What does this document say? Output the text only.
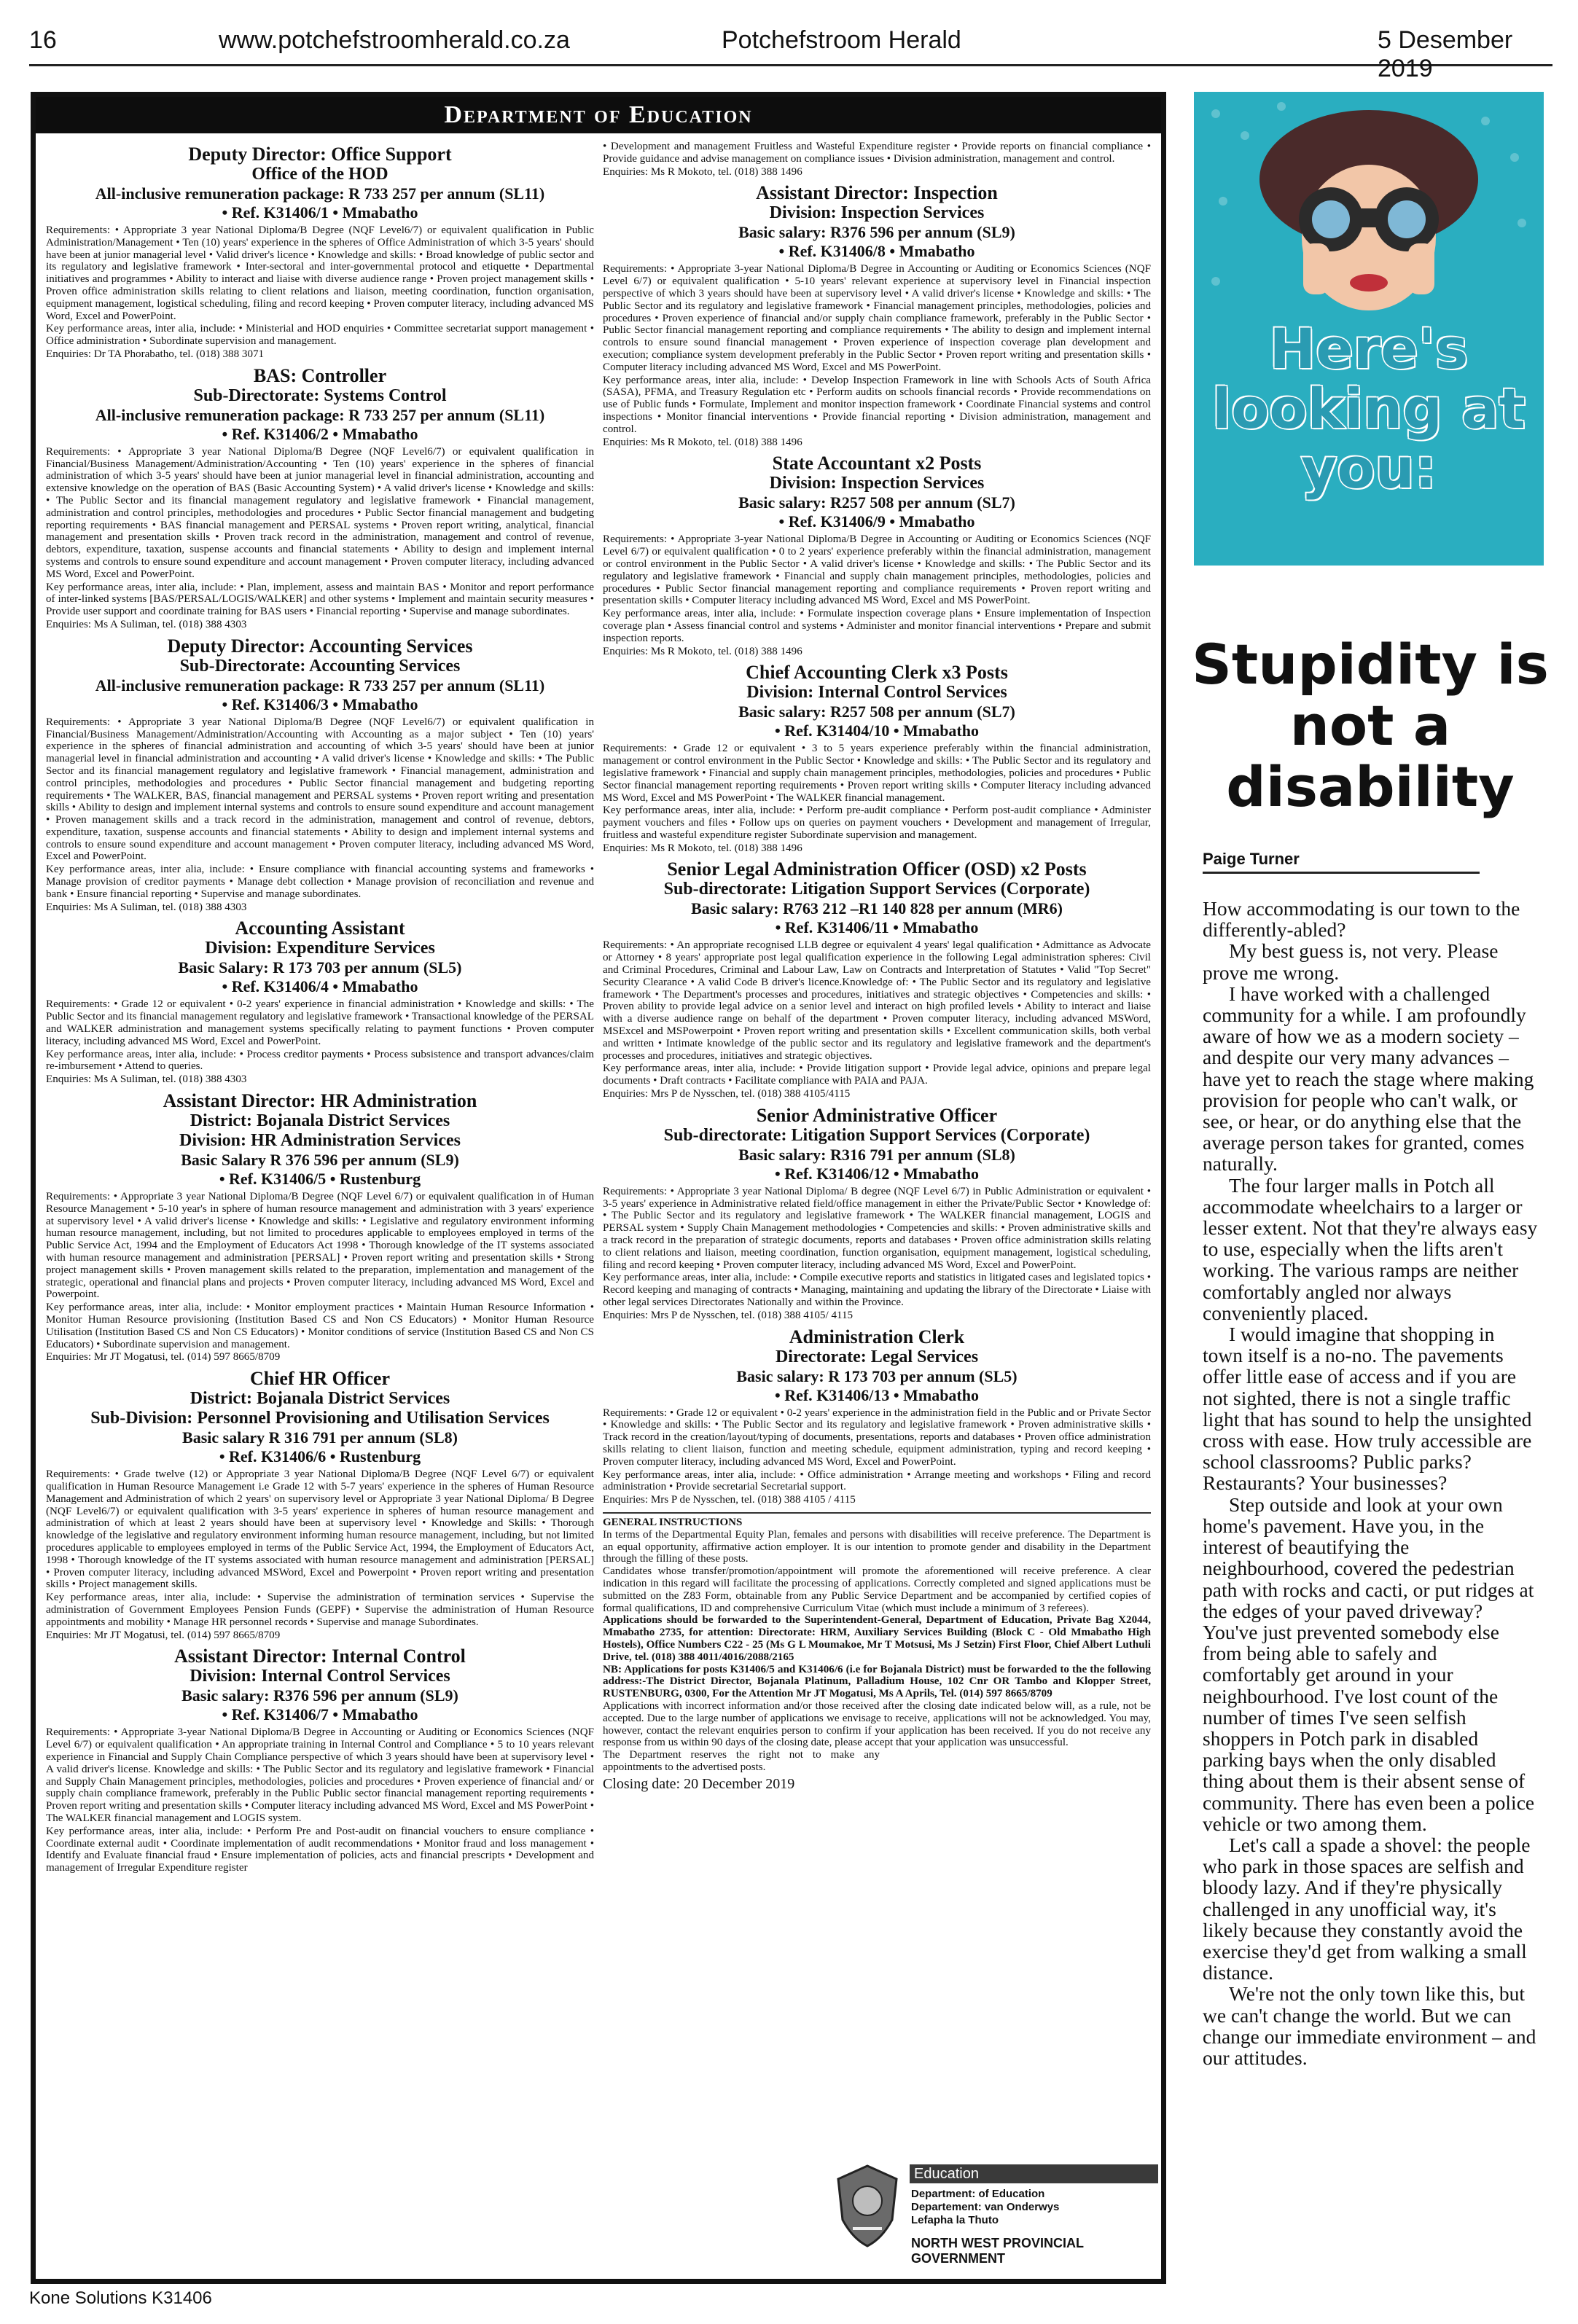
16	www.potchefstroomherald.co.za	Potchefstroom Herald	5 Desember 2019
Department of Education
Deputy Director: Office Support
Office of the HOD
All-inclusive remuneration package: R 733 257 per annum (SL11)
• Ref. K31406/1 • Mmabatho
Requirements: • Appropriate 3 year National Diploma/B Degree (NQF Level6/7) or equivalent qualification in Public Administration/Management • Ten (10) years' experience in the spheres of Office Administration of which 3-5 years' should have been at junior managerial level • Valid driver's licence • Knowledge and skills: • Broad knowledge of public sector and its regulatory and legislative framework • Inter-sectoral and inter-governmental protocol and etiquette • Departmental initiatives and programmes • Ability to interact and liaise with diverse audience range • Proven project management skills • Proven office administration skills relating to client relations and liaison, meeting coordination, function organisation, equipment management, logistical scheduling, filing and record keeping • Proven computer literacy, including advanced MS Word, Excel and PowerPoint.
Key performance areas, inter alia, include: • Ministerial and HOD enquiries • Committee secretariat support management • Office administration • Subordinate supervision and management.
Enquiries: Dr TA Phorabatho, tel. (018) 388 3071
BAS: Controller
Sub-Directorate: Systems Control
All-inclusive remuneration package: R 733 257 per annum (SL11)
• Ref. K31406/2 • Mmabatho
Requirements: • Appropriate 3 year National Diploma/B Degree (NQF Level6/7) or equivalent qualification in Financial/Business Management/Administration/Accounting • Ten (10) years' experience in the spheres of financial administration of which 3-5 years' should have been at junior managerial level in financial administration, accounting and extensive knowledge on the operation of BAS (Basic Accounting System) • A valid driver's license • Knowledge and skills: • The Public Sector and its financial management regulatory and legislative framework • Financial management, administration and control principles, methodologies and procedures • Public Sector financial management and budgeting reporting requirements • BAS financial management and PERSAL systems • Proven report writing, analytical, financial management and presentation skills • Proven track record in the administration, management and control of revenue, debtors, expenditure, taxation, suspense accounts and financial statements • Ability to design and implement internal systems and controls to ensure sound expenditure and account management • Proven computer literacy, including advanced MS Word, Excel and PowerPoint.
Key performance areas, inter alia, include: • Plan, implement, assess and maintain BAS • Monitor and report performance of inter-linked systems [BAS/PERSAL/LOGIS/WALKER] and other systems • Implement and maintain security measures • Provide user support and coordinate training for BAS users • Financial reporting • Supervise and manage subordinates.
Enquiries: Ms A Suliman, tel. (018) 388 4303
Deputy Director: Accounting Services
Sub-Directorate: Accounting Services
All-inclusive remuneration package: R 733 257 per annum (SL11)
• Ref. K31406/3 • Mmabatho
Requirements: • Appropriate 3 year National Diploma/B Degree (NQF Level6/7) or equivalent qualification in Financial/Business Management/Administration/Accounting with Accounting as a major subject • Ten (10) years' experience in the spheres of financial administration and accounting of which 3-5 years' should have been at junior managerial level in financial administration and accounting • A valid driver's license • Knowledge and skills: • The Public Sector and its financial management regulatory and legislative framework • Financial management, administration and control principles, methodologies and procedures • Public Sector financial management and budgeting reporting requirements • The WALKER, BAS, financial management and PERSAL systems • Proven report writing and presentation skills • Ability to design and implement internal systems and controls to ensure sound expenditure and account management • Proven management skills and a track record in the administration, management and control of revenue, debtors, expenditure, taxation, suspense accounts and financial statements • Ability to design and implement internal systems and controls to ensure sound expenditure and account management • Proven computer literacy, including advanced MS Word, Excel and PowerPoint.
Key performance areas, inter alia, include: • Ensure compliance with financial accounting systems and frameworks • Manage provision of creditor payments • Manage debt collection • Manage provision of reconciliation and revenue and bank • Ensure financial reporting • Supervise and manage subordinates.
Enquiries: Ms A Suliman, tel. (018) 388 4303
Accounting Assistant
Division: Expenditure Services
Basic Salary: R 173 703 per annum (SL5)
• Ref. K31406/4 • Mmabatho
Requirements: • Grade 12 or equivalent • 0-2 years' experience in financial administration • Knowledge and skills: • The Public Sector and its financial management regulatory and legislative framework • Transactional knowledge of the PERSAL and WALKER administration and management systems specifically relating to payment functions • Proven computer literacy, including advanced MS Word, Excel and PowerPoint.
Key performance areas, inter alia, include: • Process creditor payments • Process subsistence and transport advances/claim re-imbursement • Attend to queries.
Enquiries: Ms A Suliman, tel. (018) 388 4303
Assistant Director: HR Administration
District: Bojanala District Services
Division: HR Administration Services
Basic Salary R 376 596 per annum (SL9)
• Ref. K31406/5 • Rustenburg
Requirements: • Appropriate 3 year National Diploma/B Degree (NQF Level 6/7) or equivalent qualification in of Human Resource Management • 5-10 year's in sphere of human resource management and administration with 3 years' experience at supervisory level • A valid driver's license • Knowledge and skills: • Legislative and regulatory environment informing human resource management, including, but not limited to procedures applicable to employees employed in terms of the Public Service Act, 1994 and the Employment of Educators Act 1998 • Thorough knowledge of the IT systems associated with human resource management and administration [PERSAL] • Proven report writing and presentation skills • Strong project management skills • Proven management skills related to the preparation, implementation and management of the strategic, operational and financial plans and projects • Proven computer literacy, including advanced MS Word, Excel and Powerpoint.
Key performance areas, inter alia, include: • Monitor employment practices • Maintain Human Resource Information • Monitor Human Resource provisioning (Institution Based CS and Non CS Educators) • Monitor Human Resource Utilisation (Institution Based CS and Non CS Educators) • Monitor conditions of service (Institution Based CS and Non CS Educators) • Subordinate supervision and management.
Enquiries: Mr JT Mogatusi, tel. (014) 597 8665/8709
Chief HR Officer
District: Bojanala District Services
Sub-Division: Personnel Provisioning and Utilisation Services
Basic salary R 316 791 per annum (SL8)
• Ref. K31406/6 • Rustenburg
Requirements: • Grade twelve (12) or Appropriate 3 year National Diploma/B Degree (NQF Level 6/7) or equivalent qualification in Human Resource Management i.e Grade 12 with 5-7 years' experience in the spheres of Human Resource Management and Administration of which 2 years' on supervisory level or Appropriate 3 year National Diploma/ B Degree (NQF Level6/7) or equivalent qualification with 3-5 years' experience in spheres of human resource management and administration of which at least 2 years should have been at supervisory level • Knowledge and Skills: • Thorough knowledge of the legislative and regulatory environment informing human resource management, including, but not limited procedures applicable to employees employed in terms of the Public Service Act, 1994, the Employment of Educators Act, 1998 • Thorough knowledge of the IT systems associated with human resource management and administration [PERSAL] • Proven computer literacy, including advanced MSWord, Excel and Powerpoint • Proven report writing and presentation skills • Project management skills.
Key performance areas, inter alia, include: • Supervise the administration of termination services • Supervise the administration of Government Employees Pension Funds (GEPF) • Supervise the administration of Human Resource appointments and mobility • Manage HR personnel records • Supervise and manage Subordinates.
Enquiries: Mr JT Mogatusi, tel. (014) 597 8665/8709
Assistant Director: Internal Control
Division: Internal Control Services
Basic salary: R376 596 per annum (SL9)
• Ref. K31406/7 • Mmabatho
Requirements: • Appropriate 3-year National Diploma/B Degree in Accounting or Auditing or Economics Sciences (NQF Level 6/7) or equivalent qualification • An appropriate training in Internal Control and Compliance • 5 to 10 years relevant experience in Financial and Supply Chain Compliance perspective of which 3 years should have been at supervisory level • A valid driver's license. Knowledge and skills: • The Public Sector and its regulatory and legislative framework • Financial and Supply Chain Management principles, methodologies, policies and procedures • Proven experience of financial and/ or supply chain compliance framework, preferably in the Public Public sector financial management reporting requirements • Proven report writing and presentation skills • Computer literacy including advanced MS Word, Excel and MS PowerPoint • The WALKER financial management and LOGIS system.
Key performance areas, inter alia, include: • Perform Pre and Post-audit on financial vouchers to ensure compliance • Coordinate external audit • Coordinate implementation of audit recommendations • Monitor fraud and loss management • Identify and Evaluate financial fraud • Ensure implementation of policies, acts and financial prescripts • Development and management of Irregular Expenditure register
• Development and management Fruitless and Wasteful Expenditure register • Provide reports on financial compliance • Provide guidance and advise management on compliance issues • Division administration, management and control.
Enquiries: Ms R Mokoto, tel. (018) 388 1496
Assistant Director: Inspection
Division: Inspection Services
Basic salary: R376 596 per annum (SL9)
• Ref. K31406/8 • Mmabatho
Requirements: • Appropriate 3-year National Diploma/B Degree in Accounting or Auditing or Economics Sciences (NQF Level 6/7) or equivalent qualification • 5-10 years' relevant experience at supervisory level in Financial inspection perspective of which 3 years should have been at supervisory level • A valid driver's license • Knowledge and skills: • The Public Sector and its regulatory and legislative framework • Financial management principles, methodologies, policies and procedures • Proven experience of financial and/or supply chain compliance framework, preferably in the Public Sector • Public Sector financial management reporting and compliance requirements • The ability to design and implement internal controls to ensure sound financial management • Proven experience of inspection coverage plan development and execution; compliance system development preferably in the Public Sector • Proven report writing and presentation skills • Computer literacy including advanced MS Word, Excel and MS PowerPoint.
Key performance areas, inter alia, include: • Develop Inspection Framework in line with Schools Acts of South Africa (SASA), PFMA, and Treasury Regulation etc • Perform audits on schools financial records • Provide recommendations on use of Public funds • Formulate, Implement and monitor inspection framework • Coordinate Financial systems and control inspections • Monitor financial interventions • Provide financial reporting • Division administration, management and control.
Enquiries: Ms R Mokoto, tel. (018) 388 1496
State Accountant x2 Posts
Division: Inspection Services
Basic salary: R257 508 per annum (SL7)
• Ref. K31406/9 • Mmabatho
Requirements: • Appropriate 3-year National Diploma/B Degree in Accounting or Auditing or Economics Sciences (NQF Level 6/7) or equivalent qualification • 0 to 2 years' experience preferably within the financial administration, management or control environment in the Public Sector • A valid driver's license • Knowledge and skills: • The Public Sector and its regulatory and legislative framework • Financial and supply chain management principles, methodologies, policies and procedures • Public Sector financial management reporting and compliance requirements • Proven report writing and presentation skills • Computer literacy including advanced MS Word, Excel and MS PowerPoint.
Key performance areas, inter alia, include: • Formulate inspection coverage plans • Ensure implementation of Inspection coverage plan • Assess financial control and systems • Administer and monitor financial interventions • Prepare and submit inspection reports.
Enquiries: Ms R Mokoto, tel. (018) 388 1496
Chief Accounting Clerk x3 Posts
Division: Internal Control Services
Basic salary: R257 508 per annum (SL7)
• Ref. K31404/10 • Mmabatho
Requirements: • Grade 12 or equivalent • 3 to 5 years experience preferably within the financial administration, management or control environment in the Public Sector • Knowledge and skills: • The Public Sector and its regulatory and legislative framework • Financial and supply chain management principles, methodologies, policies and procedures • Public Sector financial management reporting requirements • Proven report writing skills • Computer literacy including advanced MS Word, Excel and MS PowerPoint • The WALKER financial management.
Key performance areas, inter alia, include: • Perform pre-audit compliance • Perform post-audit compliance • Administer payment vouchers and files • Follow ups on queries on payment vouchers • Development and management of Irregular, fruitless and wasteful expenditure register Subordinate supervision and management.
Enquiries: Ms R Mokoto, tel. (018) 388 1496
Senior Legal Administration Officer (OSD) x2 Posts
Sub-directorate: Litigation Support Services (Corporate)
Basic salary: R763 212 –R1 140 828 per annum (MR6)
• Ref. K31406/11 • Mmabatho
Requirements: • An appropriate recognised LLB degree or equivalent 4 years' legal qualification • Admittance as Advocate or Attorney • 8 years' appropriate post legal qualification experience in the following Legal administration spheres: Civil and Criminal Procedures, Criminal and Labour Law, Law on Contracts and Interpretation of Statutes • Valid "Top Secret" Security Clearance • A valid Code B driver's licence.Knowledge of: • The Public Sector and its regulatory and legislative framework • The Department's processes and procedures, initiatives and strategic objectives • Competencies and skills: • Proven ability to provide legal advice on a senior level and interact on high profiled levels • Ability to interact and liaise with a diverse audience range on behalf of the department • Proven computer literacy, including advanced MSWord, MSExcel and MSPowerpoint • Proven report writing and presentation skills • Excellent communication skills, both verbal and written • Intimate knowledge of the public sector and its regulatory and legislative framework and the department's processes and procedures, initiatives and strategic objectives.
Key performance areas, inter alia, include: • Provide litigation support • Provide legal advice, opinions and prepare legal documents • Draft contracts • Facilitate compliance with PAIA and PAJA.
Enquiries: Mrs P de Nysschen, tel. (018) 388 4105/4115
Senior Administrative Officer
Sub-directorate: Litigation Support Services (Corporate)
Basic salary: R316 791 per annum (SL8)
• Ref. K31406/12 • Mmabatho
Requirements: • Appropriate 3 year National Diploma/ B degree (NQF Level 6/7) in Public Administration or equivalent • 3-5 years' experience in Administrative related field/office management in either the Private/Public Sector • Knowledge of: • The Public Sector and its regulatory and legislative framework • The WALKER financial management, LOGIS and PERSAL system • Supply Chain Management methodologies • Competencies and skills: • Proven administrative skills and a track record in the preparation of strategic documents, reports and databases • Proven office administration skills relating to client relations and liaison, meeting coordination, function organisation, equipment management, logistical scheduling, filing and record keeping • Proven computer literacy, including advanced MS Word, Excel and PowerPoint.
Key performance areas, inter alia, include: • Compile executive reports and statistics in litigated cases and legislated topics • Record keeping and managing of contracts • Managing, maintaining and updating the library of the Directorate • Liaise with other legal services Directorates Nationally and within the Province.
Enquiries: Mrs P de Nysschen, tel. (018) 388 4105/ 4115
Administration Clerk
Directorate: Legal Services
Basic salary: R 173 703 per annum (SL5)
• Ref. K31406/13 • Mmabatho
Requirements: • Grade 12 or equivalent • 0-2 years' experience in the administration field in the Public and or Private Sector • Knowledge and skills: • The Public Sector and its regulatory and legislative framework • Proven administrative skills • Track record in the creation/layout/typing of documents, presentations, reports and databases • Proven office administration skills relating to client liaison, function and meeting schedule, equipment administration, typing and record keeping • Proven computer literacy, including advanced MS Word, Excel and PowerPoint.
Key performance areas, inter alia, include: • Office administration • Arrange meeting and workshops • Filing and record administration • Provide secretarial Secretarial support.
Enquiries: Mrs P de Nysschen, tel. (018) 388 4105 / 4115
GENERAL INSTRUCTIONS
In terms of the Departmental Equity Plan, females and persons with disabilities will receive preference. The Department is an equal opportunity, affirmative action employer. It is our intention to promote gender and disability in the Department through the filling of these posts.
Candidates whose transfer/promotion/appointment will promote the aforementioned will receive preference. A clear indication in this regard will facilitate the processing of applications. Correctly completed and signed applications must be submitted on the Z83 Form, obtainable from any Public Service Department and be accompanied by certified copies of formal qualifications, ID and comprehensive Curriculum Vitae (which must include a minimum of 3 referees).
Applications should be forwarded to the Superintendent-General, Department of Education, Private Bag X2044, Mmabatho 2735, for attention: Directorate: HRM, Auxiliary Services Building (Block C - Old Mmabatho High Hostels), Office Numbers C22 - 25 (Ms G L Moumakoe, Mr T Motsusi, Ms J Setzin) First Floor, Chief Albert Luthuli Drive, tel. (018) 388 4011/4016/2088/2165
NB: Applications for posts K31406/5 and K31406/6 (i.e for Bojanala District) must be forwarded to the the following address:-The District Director, Bojanala Platinum, Palladium House, 102 Cnr OR Tambo and Klopper Street, RUSTENBURG, 0300, For the Attention Mr JT Mogatusi, Ms A Aprils, Tel. (014) 597 8665/8709
Applications with incorrect information and/or those received after the closing date indicated below will, as a rule, not be accepted. Due to the large number of applications we envisage to receive, applications will not be acknowledged. You may, however, contact the relevant enquiries person to confirm if your application has been received. If you do not receive any response from us within 90 days of the closing date, please accept that your application was unsuccessful.
The Department reserves the right not to make any appointments to the advertised posts.
Closing date: 20 December 2019
Education
Department: of Education
Departement: van Onderwys
Lefapha la Thuto
NORTH WEST PROVINCIAL GOVERNMENT
Kone Solutions K31406
Here's looking at you:
Stupidity is not a disability
Paige Turner

How accommodating is our town to the differently-abled?

My best guess is, not very. Please prove me wrong.

I have worked with a challenged community for a while. I am profoundly aware of how we as a modern society – and despite our very many advances – have yet to reach the stage where making provision for people who can't walk, or see, or hear, or do anything else that the average person takes for granted, comes naturally.

The four larger malls in Potch all accommodate wheelchairs to a larger or lesser extent. Not that they're always easy to use, especially when the lifts aren't working. The various ramps are neither comfortably angled nor always conveniently placed.

I would imagine that shopping in town itself is a no-no. The pavements offer little ease of access and if you are not sighted, there is not a single traffic light that has sound to help the unsighted cross with ease. How truly accessible are school classrooms? Public parks? Restaurants? Your businesses?

Step outside and look at your own home's pavement. Have you, in the interest of beautifying the neighbourhood, covered the pedestrian path with rocks and cacti, or put ridges at the edges of your paved driveway? You've just prevented somebody else from being able to safely and comfortably get around in your neighbourhood. I've lost count of the number of times I've seen selfish shoppers in Potch park in disabled parking bays when the only disabled thing about them is their absent sense of community. There has even been a police vehicle or two among them.

Let's call a spade a shovel: the people who park in those spaces are selfish and bloody lazy. And if they're physically challenged in any unofficial way, it's likely because they constantly avoid the exercise they'd get from walking a small distance.

We're not the only town like this, but we can't change the world. But we can change our immediate environment – and our attitudes.
